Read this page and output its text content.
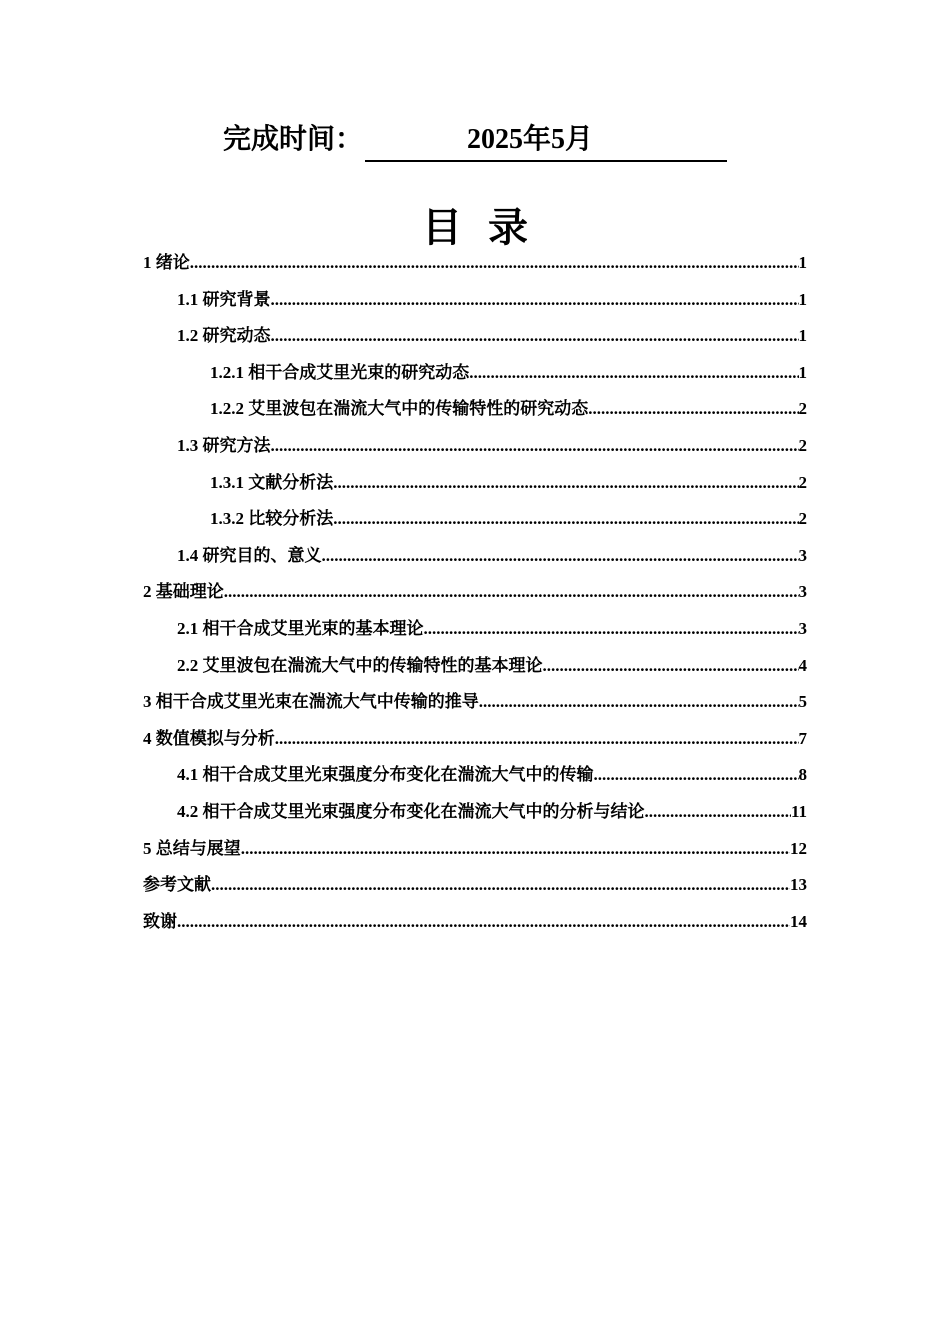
完成时间：	2025年5月
目录
1 绪论 .....	1
1.1 研究背景 .....	1
1.2 研究动态 .....	1
1.2.1 相干合成艾里光束的研究动态 .....	1
1.2.2 艾里波包在湍流大气中的传输特性的研究动态 .....	2
1.3 研究方法 .....	2
1.3.1 文献分析法 .....	2
1.3.2 比较分析法 .....	2
1.4 研究目的、意义 .....	3
2 基础理论 .....	3
2.1 相干合成艾里光束的基本理论 .....	3
2.2 艾里波包在湍流大气中的传输特性的基本理论 .....	4
3 相干合成艾里光束在湍流大气中传输的推导 .....	5
4 数值模拟与分析 .....	7
4.1 相干合成艾里光束强度分布变化在湍流大气中的传输 .....	8
4.2 相干合成艾里光束强度分布变化在湍流大气中的分析与结论 .....	11
5 总结与展望 .....	12
参考文献 .....	13
致谢 .....	14
